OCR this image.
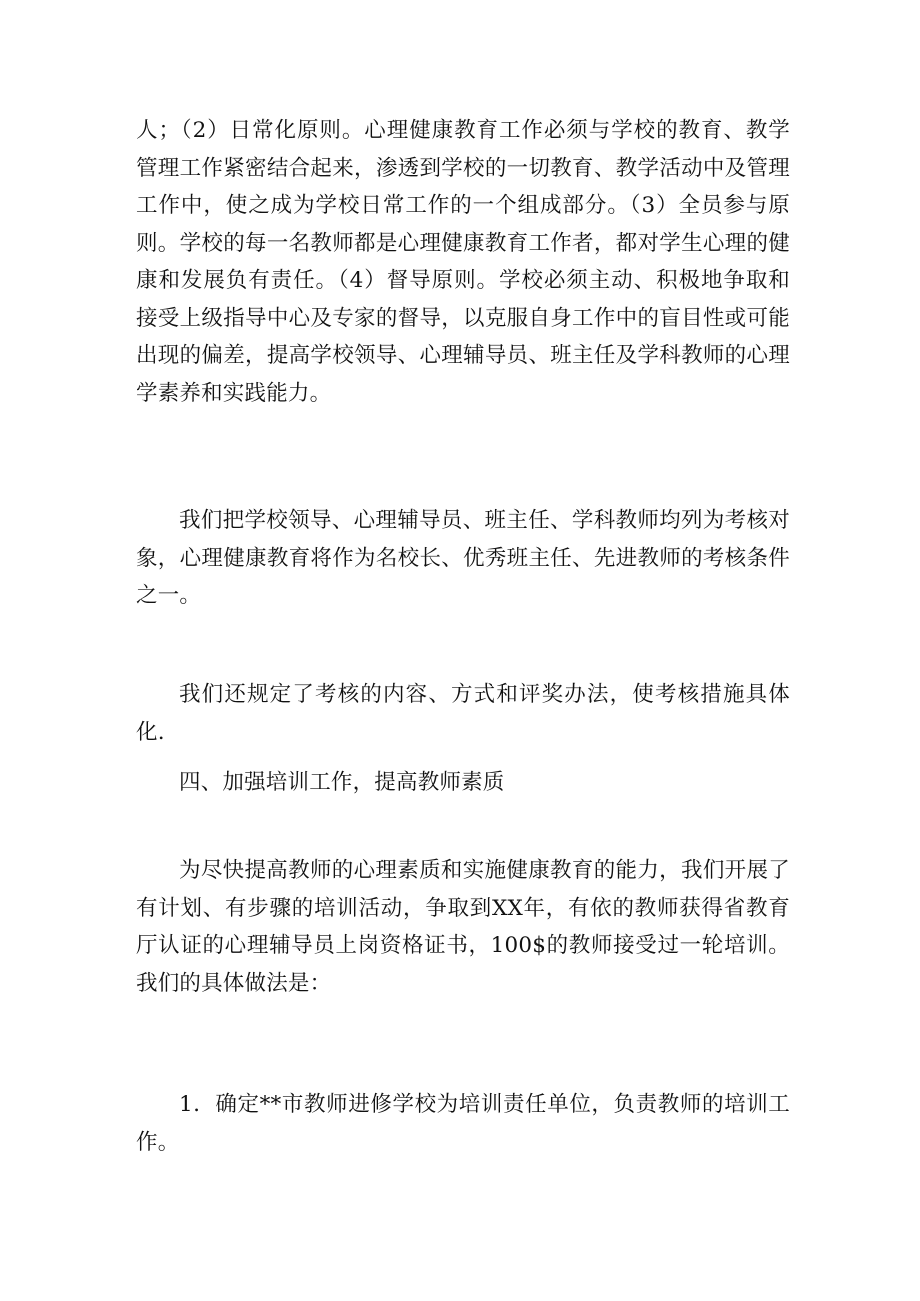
人；（2）日常化原则。心理健康教育工作必须与学校的教育、教学管理工作紧密结合起来，渗透到学校的一切教育、教学活动中及管理工作中，使之成为学校日常工作的一个组成部分。（3）全员参与原则。学校的每一名教师都是心理健康教育工作者，都对学生心理的健康和发展负有责任。（4）督导原则。学校必须主动、积极地争取和接受上级指导中心及专家的督导，以克服自身工作中的盲目性或可能出现的偏差，提高学校领导、心理辅导员、班主任及学科教师的心理学素养和实践能力。

我们把学校领导、心理辅导员、班主任、学科教师均列为考核对象，心理健康教育将作为名校长、优秀班主任、先进教师的考核条件之一。

我们还规定了考核的内容、方式和评奖办法，使考核措施具体化.

四、加强培训工作，提高教师素质

为尽快提高教师的心理素质和实施健康教育的能力，我们开展了有计划、有步骤的培训活动，争取到XX年，有依的教师获得省教育厅认证的心理辅导员上岗资格证书，100$的教师接受过一轮培训。我们的具体做法是：

1．确定**市教师进修学校为培训责任单位，负责教师的培训工作。
